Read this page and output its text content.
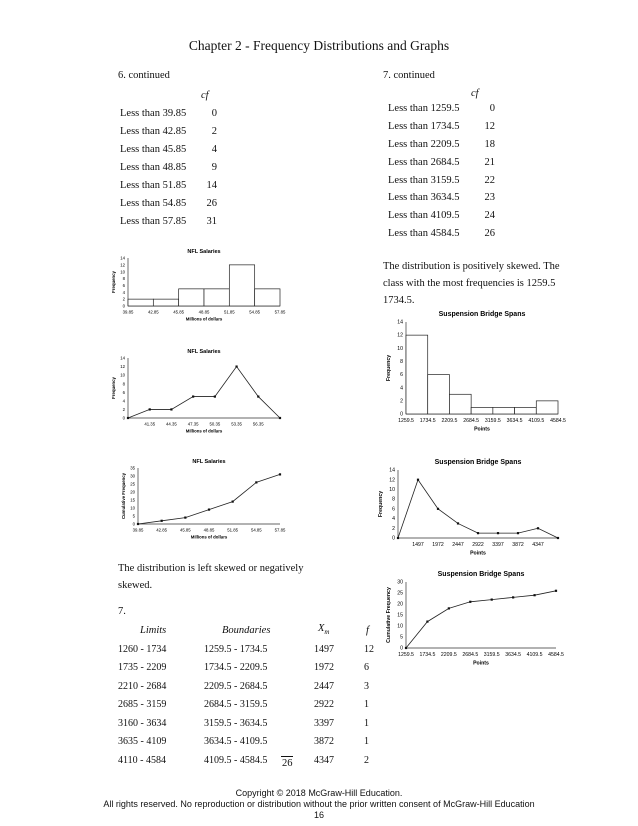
Chapter 2 - Frequency Distributions and Graphs
6. continued
cf
Less than 39.85	0
Less than 42.85	2
Less than 45.85	4
Less than 48.85	9
Less than 51.85	14
Less than 54.85	26
Less than 57.85	31
NFL Salaries
0
2
4
6
8
10
12
14
39.85	42.85	45.85	48.85	51.85	54.85	57.85
Millions of dollars
Frequency
NFL Salaries
0
2
4
6
8
10
12
14
41.35	44.35	47.35	50.35	53.35	56.35
Millions of dollars
Frequency
NFL Salaries
0
5
10
15
20
25
30
35
39.85	42.85	45.85	48.85	51.85	54.85	57.85
Millions of dollars
Cumulative Frequency
The distribution is left skewed or negatively skewed.
7.
Limits	Boundaries	$X_m$	f
1260 - 1734	1259.5 - 1734.5	1497	12
1735 - 2209	1734.5 - 2209.5	1972	6
2210 - 2684	2209.5 - 2684.5	2447	3
2685 - 3159	2684.5 - 3159.5	2922	1
3160 - 3634	3159.5 - 3634.5	3397	1
3635 - 4109	3634.5 - 4109.5	3872	1
4110 - 4584	4109.5 - 4584.5	4347	2
26
7. continued
cf
Less than 1259.5	0
Less than 1734.5	12
Less than 2209.5	18
Less than 2684.5	21
Less than 3159.5	22
Less than 3634.5	23
Less than 4109.5	24
Less than 4584.5	26
The distribution is positively skewed. The class with the most frequencies is 1259.5 1734.5.
Suspension Bridge Spans
0
2
4
6
8
10
12
14
1259.5 1734.5 2209.5 2684.5 3159.5 3634.5 4109.5 4584.5
Points
Frequency
Suspension Bridge Spans
0
2
4
6
8
10
12
14
1497 1972 2447 2922 3397 3872 4347
Points
Frequency
Suspension Bridge Spans
0
5
10
15
20
25
30
1259.5 1734.5 2209.5 2684.5 3159.5 3634.5 4109.5 4584.5
Points
Cumulative Frequency
Copyright © 2018 McGraw-Hill Education.
All rights reserved. No reproduction or distribution without the prior written consent of McGraw-Hill Education
16
